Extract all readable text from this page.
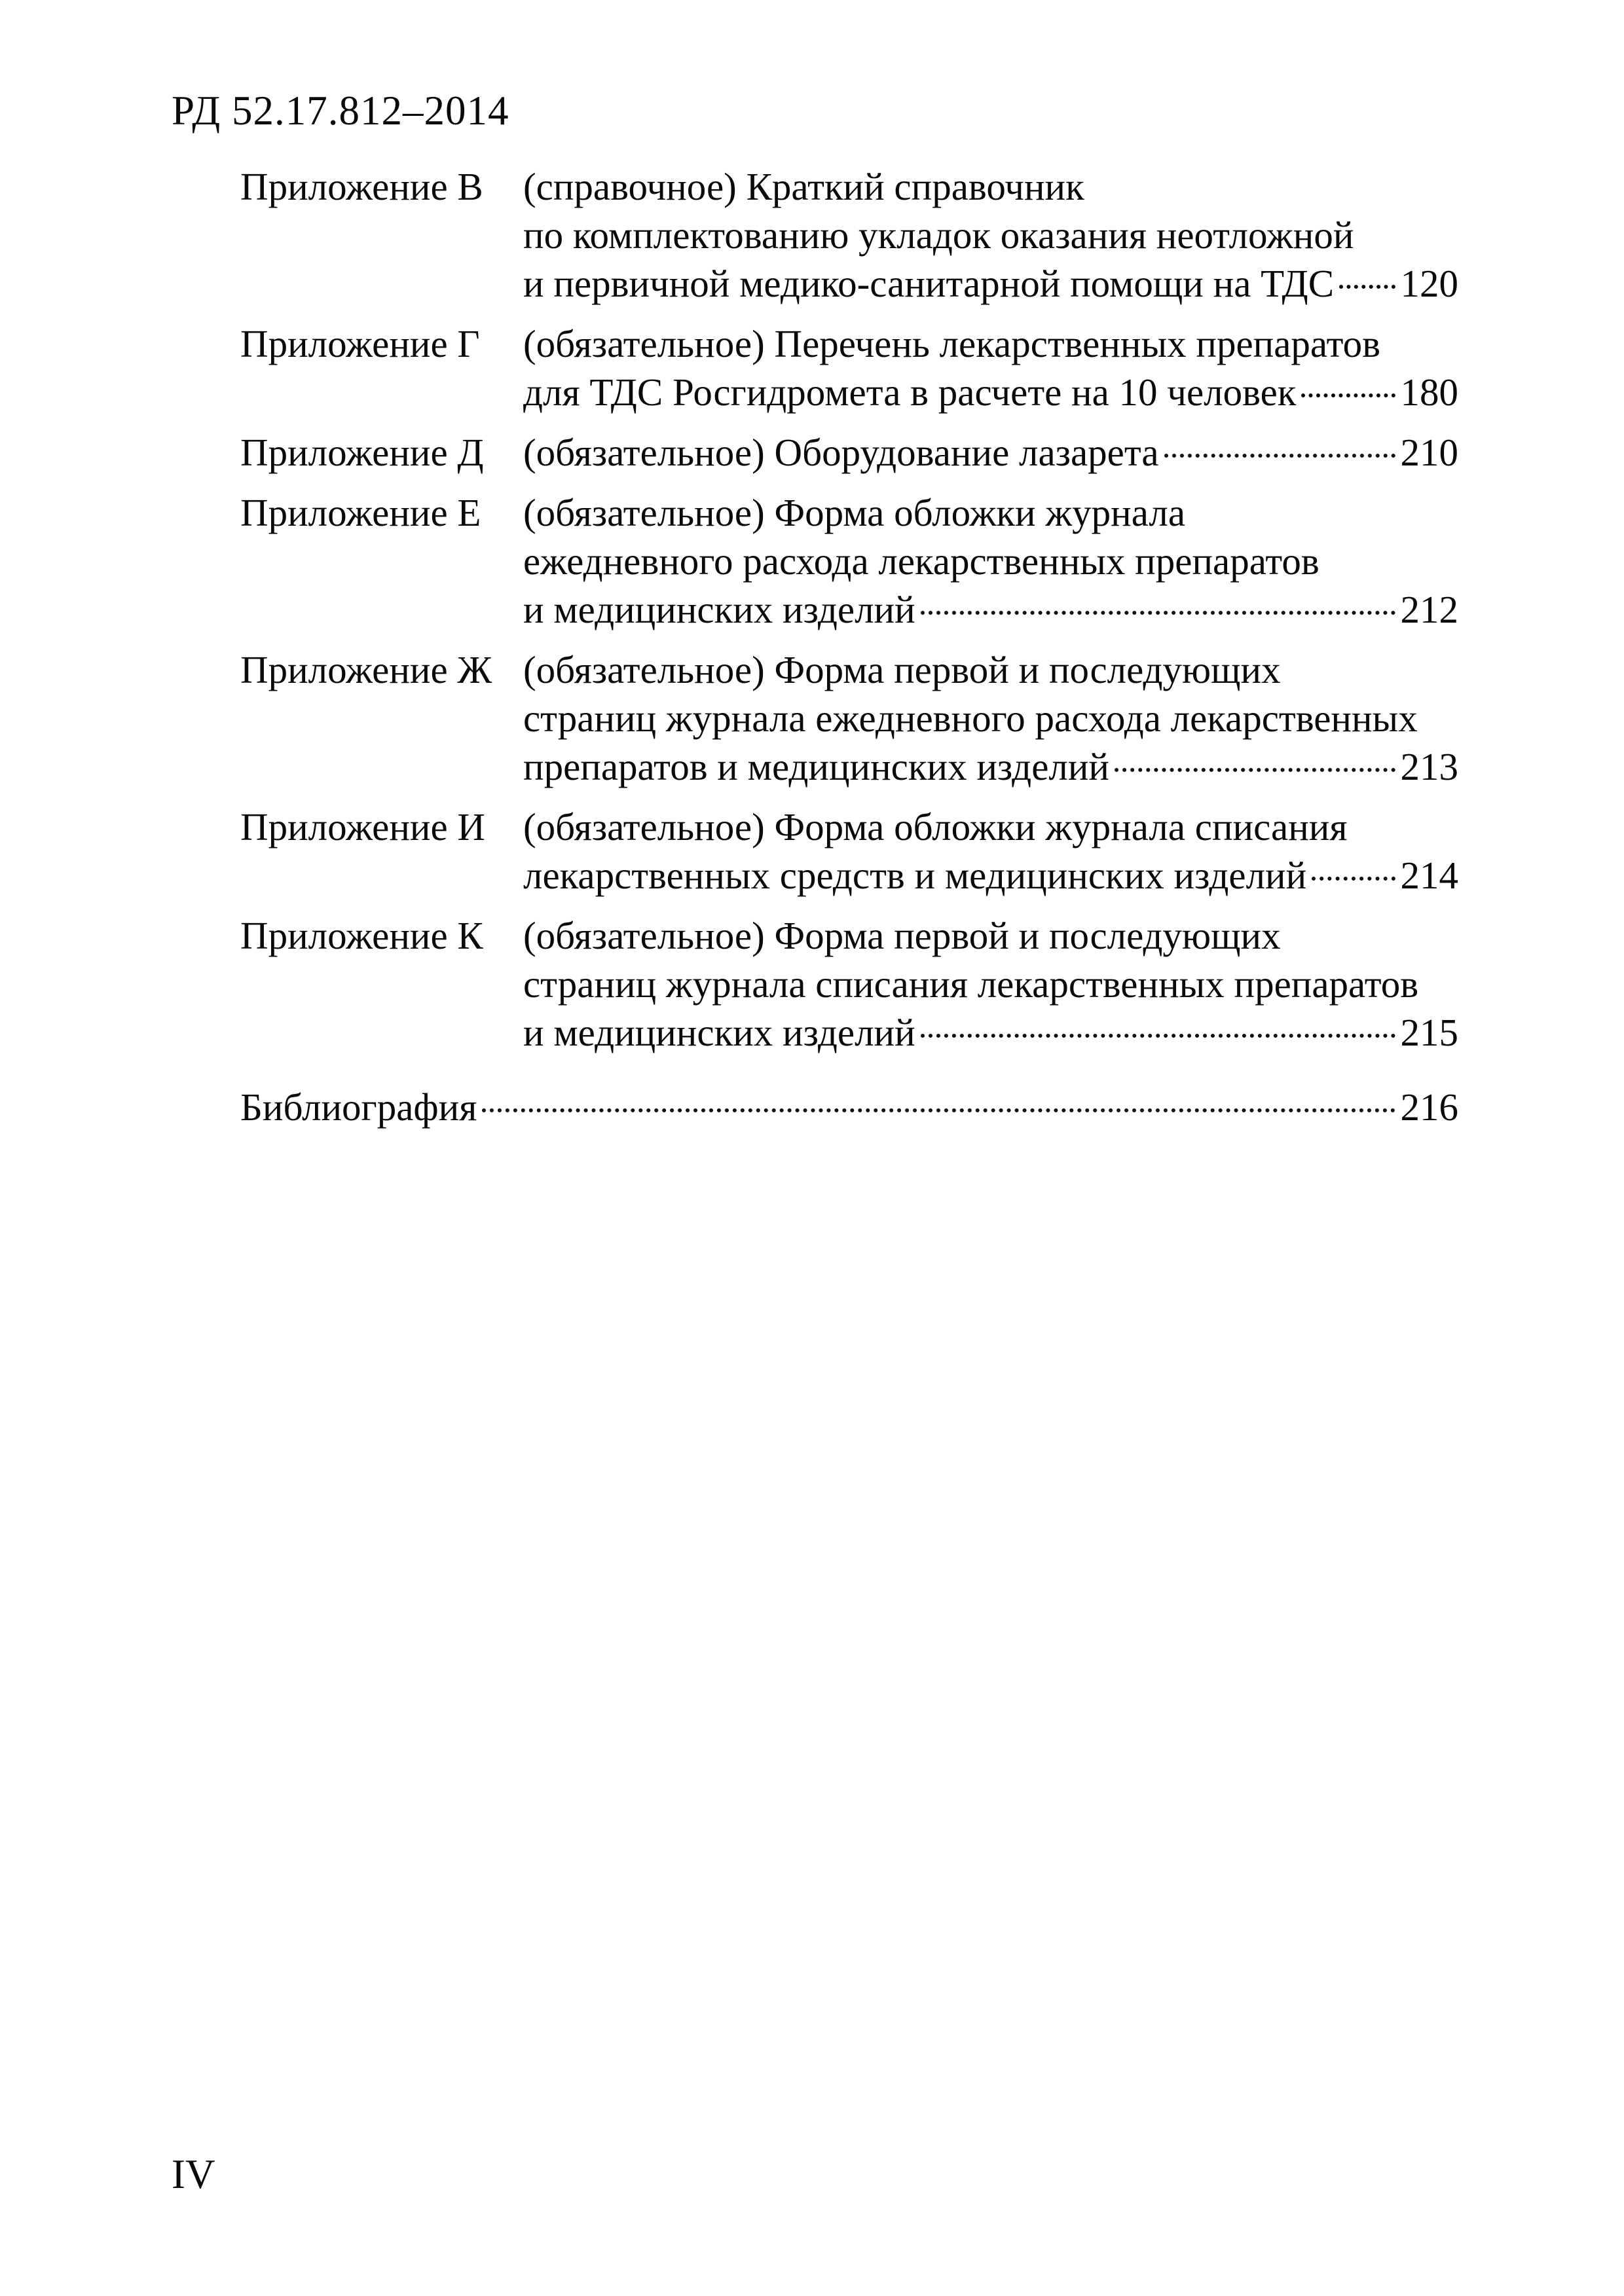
РД 52.17.812–2014
Приложение В	(справочное) Краткий справочник
по комплектованию укладок оказания неотложной
и первичной медико-санитарной помощи на ТДС 120
Приложение Г	(обязательное) Перечень лекарственных препаратов
для ТДС Росгидромета в расчете на 10 человек	180
Приложение Д	(обязательное) Оборудование лазарета	210
Приложение Е	(обязательное) Форма обложки журнала
ежедневного расхода лекарственных препаратов
и медицинских изделий	212
Приложение Ж (обязательное) Форма первой и последующих
страниц журнала ежедневного расхода лекарственных
препаратов и медицинских изделий	213
Приложение И (обязательное) Форма обложки журнала списания
лекарственных средств и медицинских изделий 214
Приложение К	(обязательное) Форма первой и последующих
страниц журнала списания лекарственных препаратов
и медицинских изделий	215
Библиография	216
IV
